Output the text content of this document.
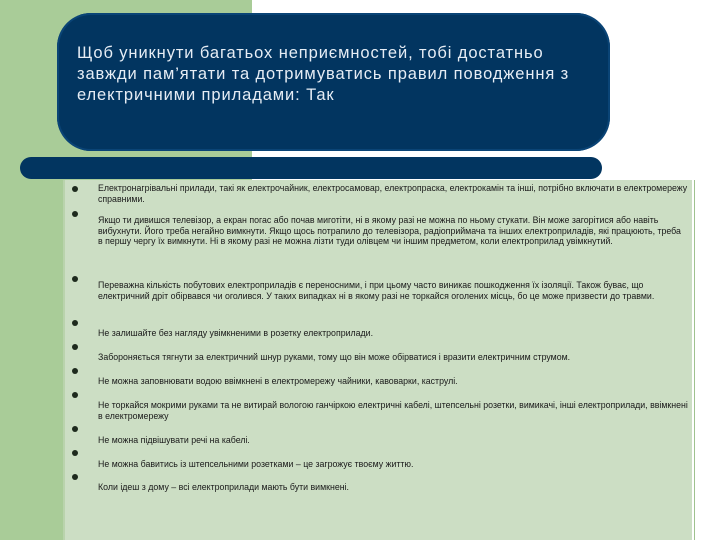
Щоб уникнути багатьох неприємностей, тобі достатньо завжди пам’ятати та дотримуватись правил поводження з електричними приладами: Так

Електронагрівальні прилади, такі як електрочайник, електросамовар, електропраска, електрокамін та інші, потрібно включати в електромережу справними.

Якщо ти дивишся телевізор, а екран погас або почав миготіти, ні в якому разі не можна по ньому стукати. Він може загорітися або навіть вибухнути. Його треба негайно вимкнути. Якщо щось потрапило до телевізора, радіоприймача та інших електроприладів, які працюють, треба в першу чергу їх вимкнути. Ні в якому разі не можна лізти туди олівцем чи іншим предметом, коли електроприлад увімкнутий.

Переважна кількість побутових електроприладів є переносними, і при цьому часто виникає пошкодження їх ізоляції. Також буває, що електричний дріт обірвався чи оголився. У таких випадках ні в якому разі не торкайся оголених місць, бо це може призвести до травми.

Не залишайте без нагляду увімкненими в розетку електроприлади.

Забороняється тягнути за електричний шнур руками, тому що він може обірватися і вразити електричним струмом.

Не можна заповнювати водою ввімкнені в електромережу чайники, кавоварки, каструлі.

Не торкайся мокрими руками та не витирай вологою ганчіркою електричні кабелі, штепсельні розетки, вимикачі, інші електроприлади, ввімкнені в електромережу

Не можна підвішувати речі на кабелі.

Не можна бавитись із штепсельними розетками – це загрожує твоєму життю.

Коли ідеш з дому – всі електроприлади мають бути вимкнені.
